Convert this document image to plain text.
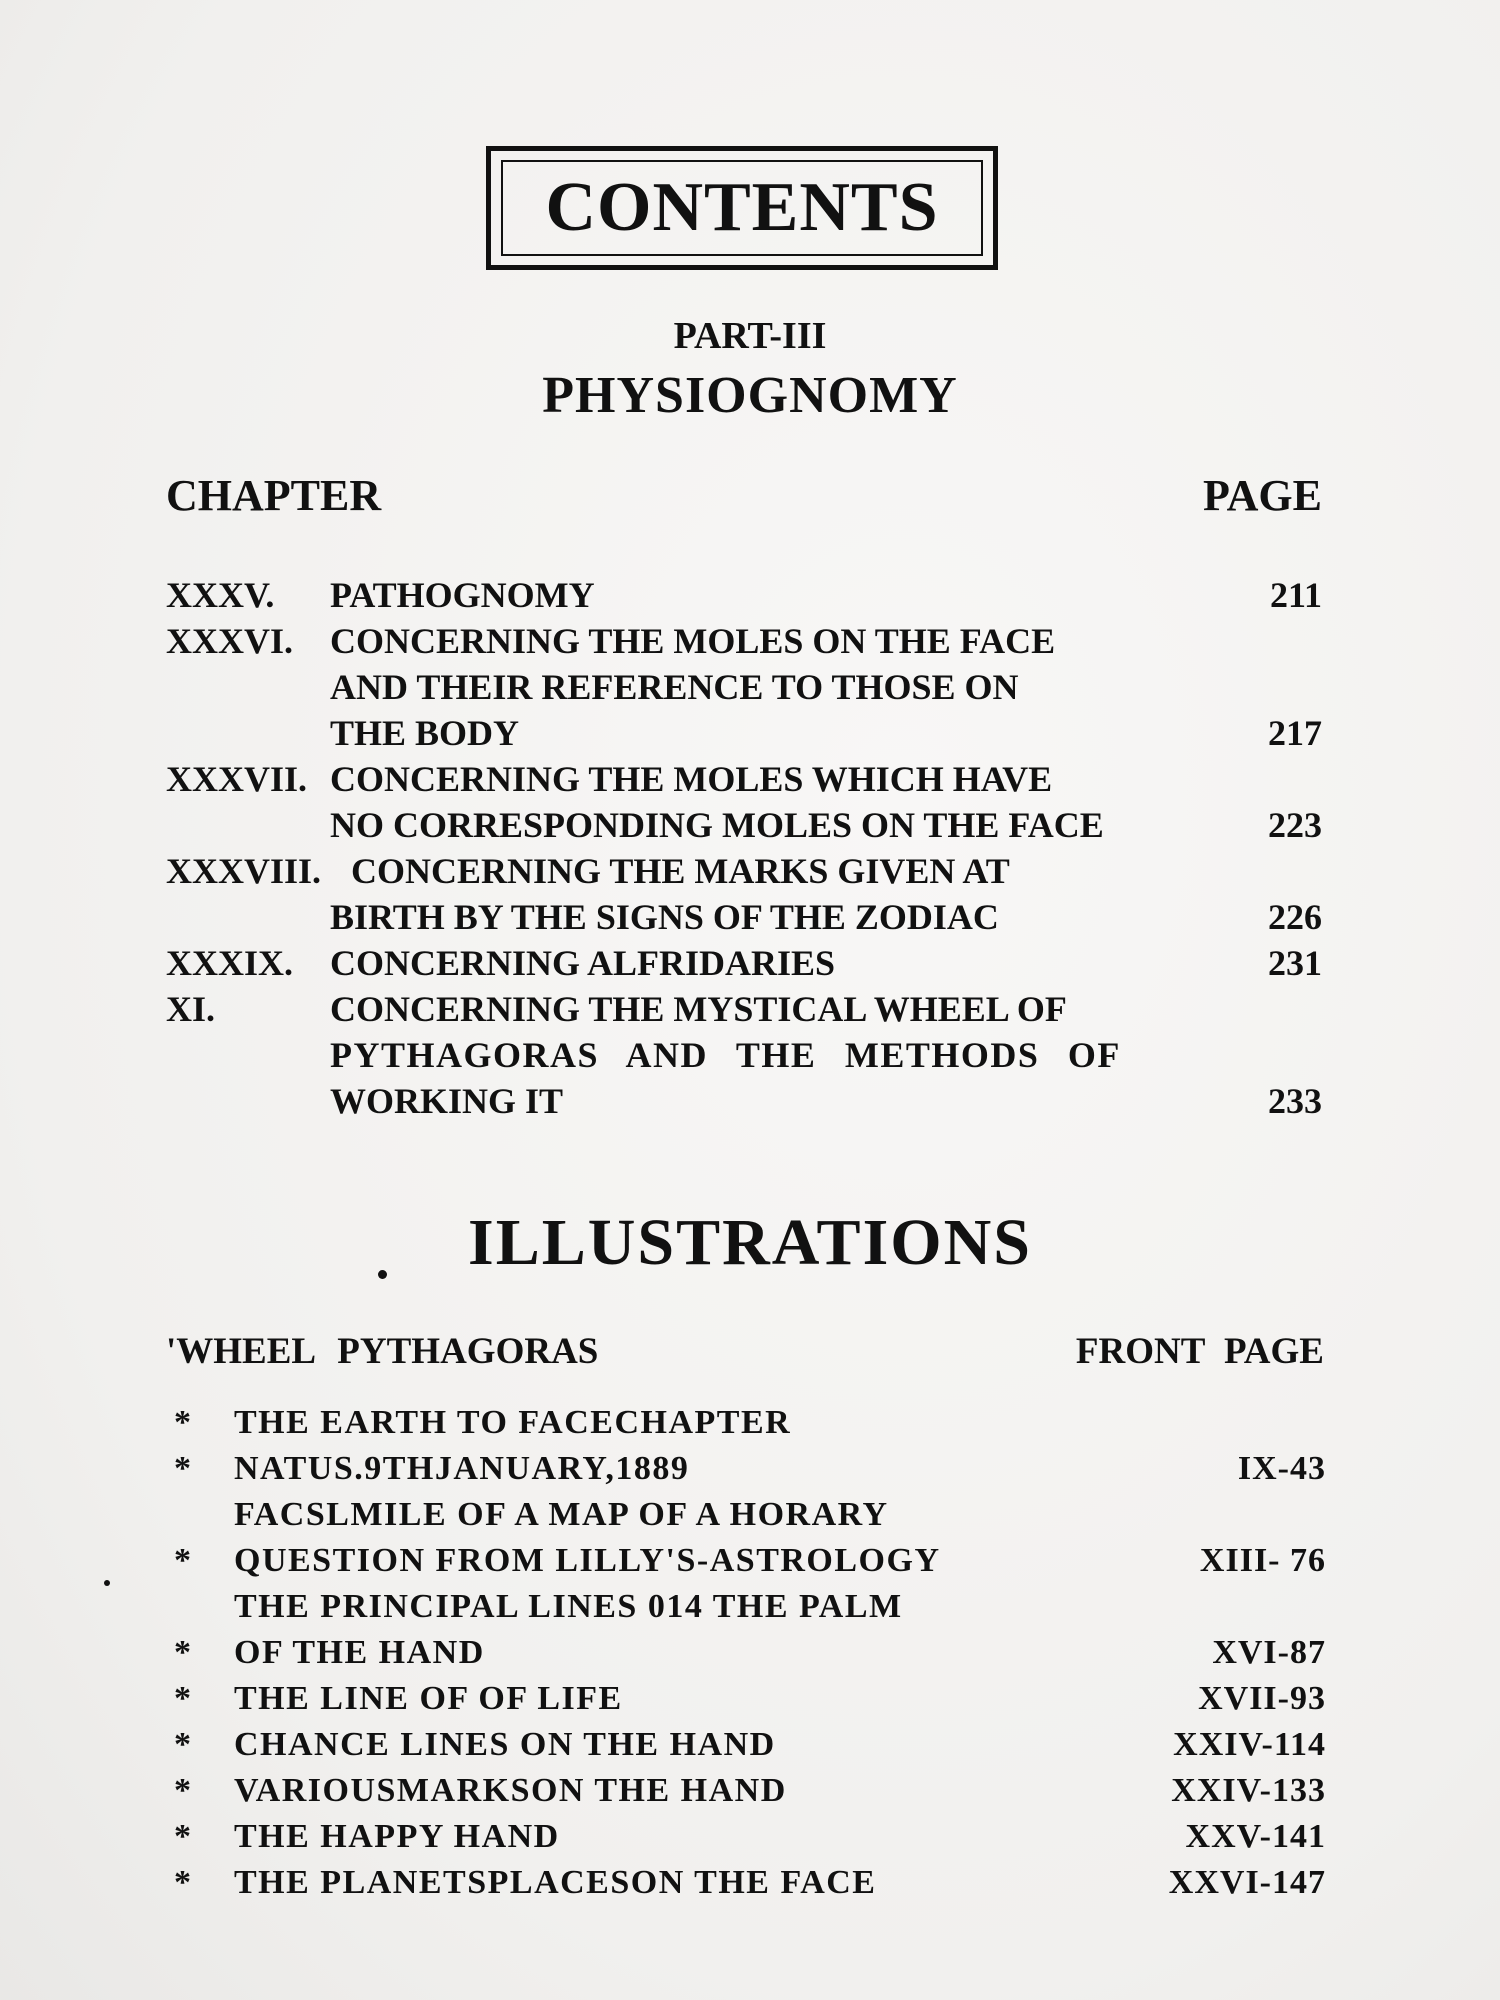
CONTENTS
PART-III
PHYSIOGNOMY
CHAPTER	PAGE
XXXV. PATHOGNOMY	211
XXXVI. CONCERNING THE MOLES ON THE FACE
AND THEIR REFERENCE TO THOSE ON
THE BODY	217
XXXVII. CONCERNING THE MOLES WHICH HAVE
NO CORRESPONDING MOLES ON THE FACE	223
XXXVIII. CONCERNING THE MARKS GIVEN AT
BIRTH BY THE SIGNS OF THE ZODIAC	226
XXXIX. CONCERNING ALFRIDARIES	231
XI.	CONCERNING THE MYSTICAL WHEEL OF
PYTHAGORAS AND THE METHODS OF
WORKING IT	233
ILLUSTRATIONS
'WHEEL PYTHAGORAS	FRONT PAGE
* THE EARTH TO FACECHAPTER
* NATUS.9THJANUARY,1889	IX-43
FACSLMILE OF A MAP OF A HORARY
* QUESTION FROM LILLY'S-ASTROLOGY	XIII- 76
THE PRINCIPAL LINES 014 THE PALM
* OF THE HAND	XVI-87
* THE LINE OF OF LIFE	XVII-93
* CHANCE LINES ON THE HAND	XXIV-114
* VARIOUSMARKSON THE HAND	XXIV-133
* THE HAPPY HAND	XXV-141
* THE PLANETSPLACESON THE FACE	XXVI-147
